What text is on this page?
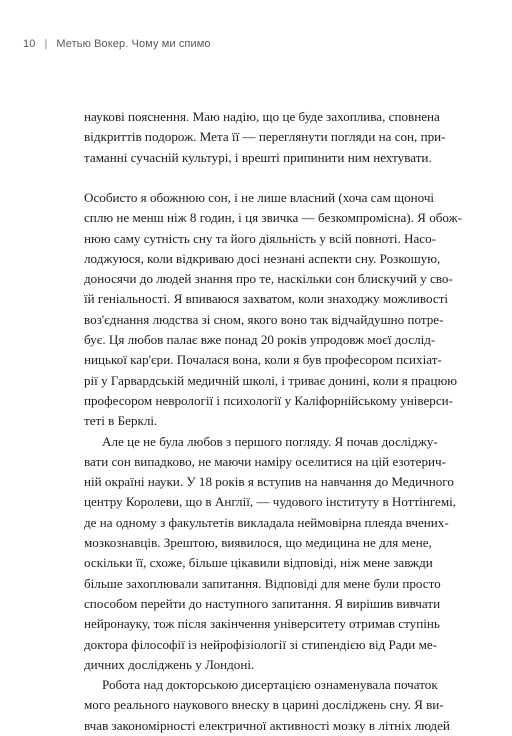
10 | Метью Вокер. Чому ми спимо
наукові пояснення. Маю надію, що це буде захоплива, сповнена
відкриттів подорож. Мета її — переглянути погляди на сон, при-
таманні сучасній культурі, і врешті припинити ним нехтувати.
Особисто я обожнюю сон, і не лише власний (хоча сам щоночі
сплю не менш ніж 8 годин, і ця звичка — безкомпромісна). Я обож-
нюю саму сутність сну та його діяльність у всій повноті. Насо-
лоджуюся, коли відкриваю досі незнані аспекти сну. Розкошую,
доносячи до людей знання про те, наскільки сон блискучий у сво-
їй геніальності. Я впиваюся захватом, коли знаходжу можливості
воз'єднання людства зі сном, якого воно так відчайдушно потре-
бує. Ця любов палає вже понад 20 років упродовж моєї дослід-
ницької кар'єри. Почалася вона, коли я був професором психіат-
рії у Гарвардській медичній школі, і триває донині, коли я працюю
професором неврології і психології у Каліфорнійському універси-
теті в Берклі.
Але це не була любов з першого погляду. Я почав досліджу-
вати сон випадково, не маючи наміру оселитися на цій езотерич-
ній окраїні науки. У 18 років я вступив на навчання до Медичного
центру Королеви, що в Англії, — чудового інституту в Ноттінгемі,
де на одному з факультетів викладала неймовірна плеяда вчених-
мозкознавців. Зрештою, виявилося, що медицина не для мене,
оскільки її, схоже, більше цікавили відповіді, ніж мене завжди
більше захоплювали запитання. Відповіді для мене були просто
способом перейти до наступного запитання. Я вирішив вивчати
нейронауку, тож після закінчення університету отримав ступінь
доктора філософії із нейрофізіології зі стипендією від Ради ме-
дичних досліджень у Лондоні.
Робота над докторською дисертацією ознаменувала початок
мого реального наукового внеску в царині досліджень сну. Я ви-
вчав закономірності електричної активності мозку в літніх людей
